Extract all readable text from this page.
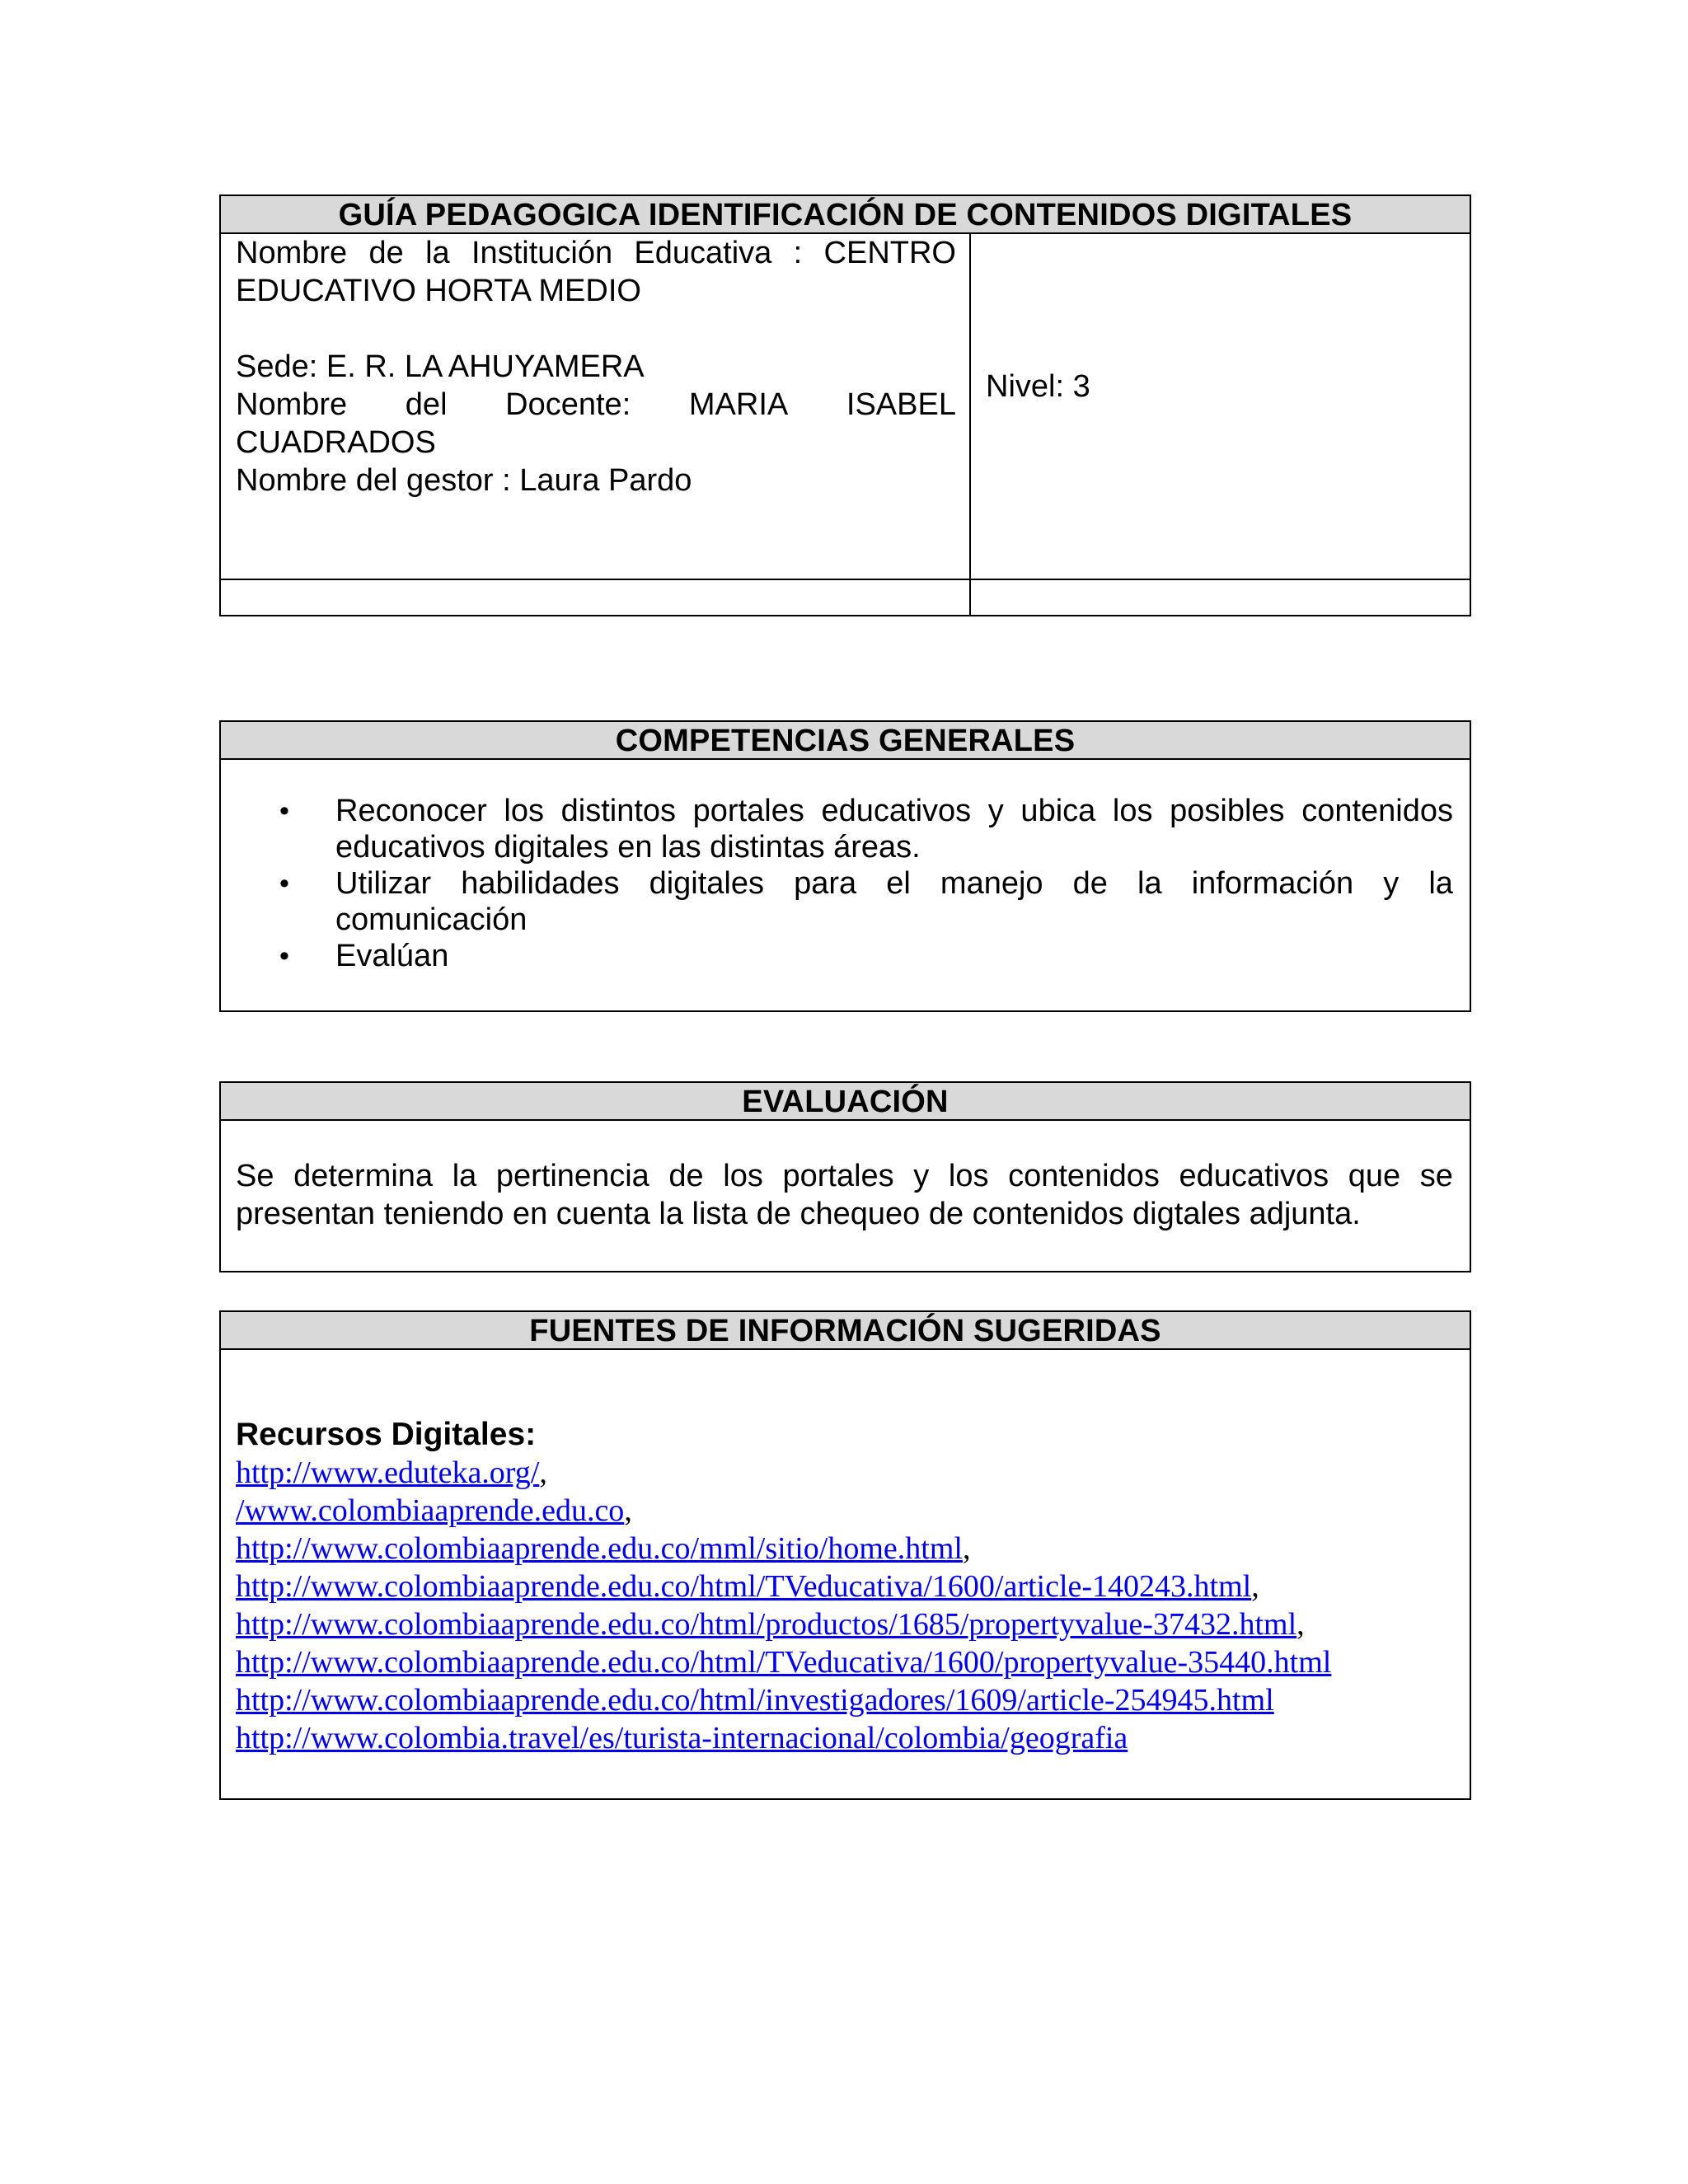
GUÍA PEDAGOGICA IDENTIFICACIÓN DE CONTENIDOS DIGITALES
Nombre de la Institución Educativa : CENTRO
EDUCATIVO HORTA MEDIO
Sede: E. R. LA AHUYAMERA
Nombre del Docente: MARIA ISABEL
CUADRADOS
Nombre del gestor : Laura Pardo
Nivel: 3
COMPETENCIAS GENERALES
• Reconocer los distintos portales educativos y ubica los posibles contenidos
educativos digitales en las distintas áreas.
• Utilizar habilidades digitales para el manejo de la información y la
comunicación
• Evalúan
EVALUACIÓN
Se determina la pertinencia de los portales y los contenidos educativos que se
presentan teniendo en cuenta la lista de chequeo de contenidos digtales adjunta.
FUENTES DE INFORMACIÓN SUGERIDAS
Recursos Digitales:
http://www.eduteka.org/,
/www.colombiaaprende.edu.co,
http://www.colombiaaprende.edu.co/mml/sitio/home.html,
http://www.colombiaaprende.edu.co/html/TVeducativa/1600/article-140243.html,
http://www.colombiaaprende.edu.co/html/productos/1685/propertyvalue-37432.html,
http://www.colombiaaprende.edu.co/html/TVeducativa/1600/propertyvalue-35440.html
http://www.colombiaaprende.edu.co/html/investigadores/1609/article-254945.html
http://www.colombia.travel/es/turista-internacional/colombia/geografia
